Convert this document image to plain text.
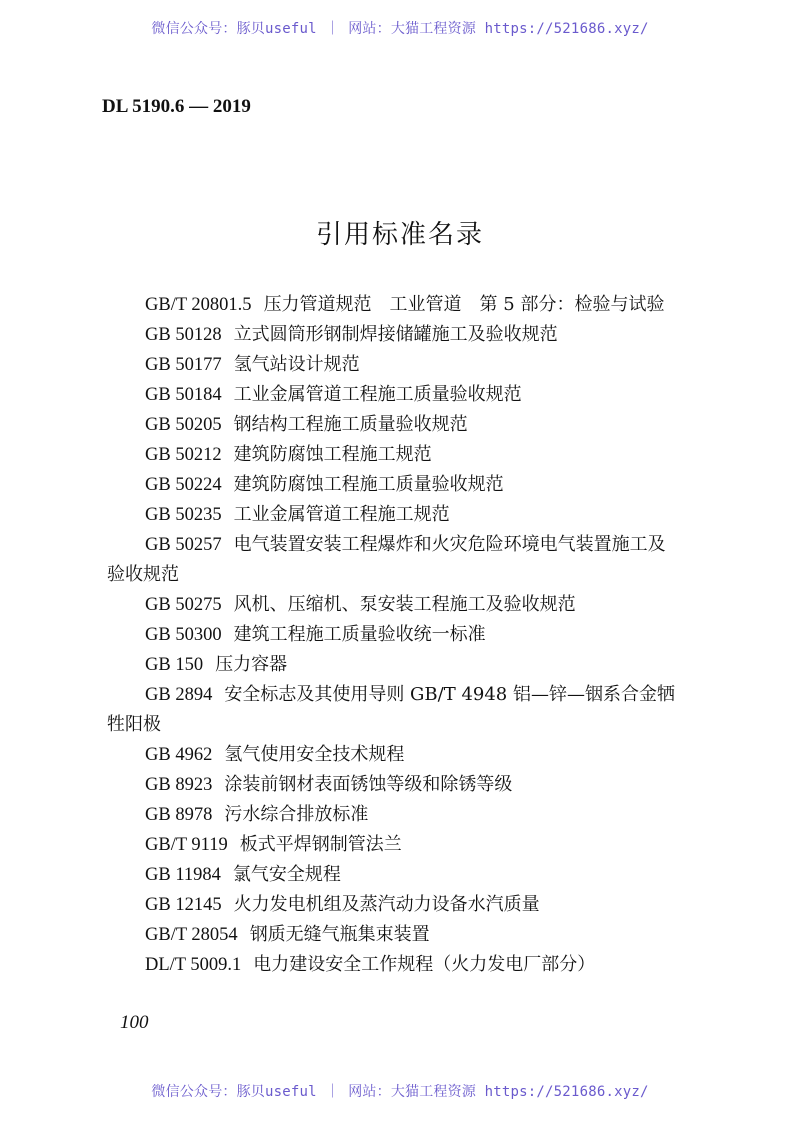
微信公众号：豚贝useful ｜ 网站：大猫工程资源 https://521686.xyz/
DL 5190.6 — 2019
引用标准名录
GB/T 20801.5 压力管道规范　工业管道　第 5 部分：检验与试验
GB 50128 立式圆筒形钢制焊接储罐施工及验收规范
GB 50177 氢气站设计规范
GB 50184 工业金属管道工程施工质量验收规范
GB 50205 钢结构工程施工质量验收规范
GB 50212 建筑防腐蚀工程施工规范
GB 50224 建筑防腐蚀工程施工质量验收规范
GB 50235 工业金属管道工程施工规范
GB 50257 电气装置安装工程爆炸和火灾危险环境电气装置施工及验收规范
GB 50275 风机、压缩机、泵安装工程施工及验收规范
GB 50300 建筑工程施工质量验收统一标准
GB 150 压力容器
GB 2894 安全标志及其使用导则 GB/T 4948 铝—锌—铟系合金牺牲阳极
GB 4962 氢气使用安全技术规程
GB 8923 涂装前钢材表面锈蚀等级和除锈等级
GB 8978 污水综合排放标准
GB/T 9119 板式平焊钢制管法兰
GB 11984 氯气安全规程
GB 12145 火力发电机组及蒸汽动力设备水汽质量
GB/T 28054 钢质无缝气瓶集束装置
DL/T 5009.1 电力建设安全工作规程（火力发电厂部分）
100
微信公众号：豚贝useful ｜ 网站：大猫工程资源 https://521686.xyz/
